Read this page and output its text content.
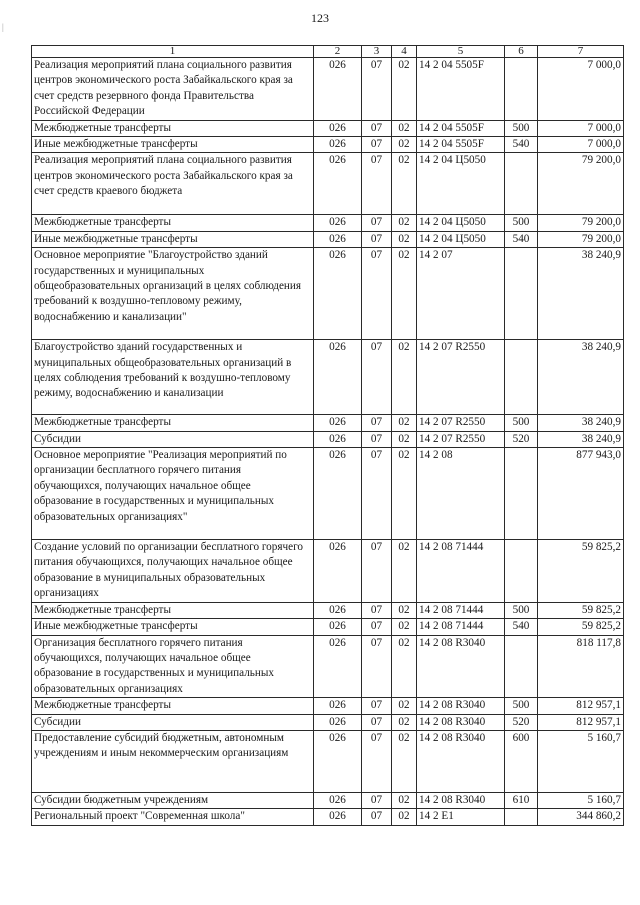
123
|
1	2	3	4	5	6	7
Реализация мероприятий плана социального развития центров экономического роста Забайкальского края за счет средств резервного фонда Правительства Российской Федерации	026	07	02	14 2 04 5505F		7 000,0
Межбюджетные трансферты	026	07	02	14 2 04 5505F	500	7 000,0
Иные межбюджетные трансферты	026	07	02	14 2 04 5505F	540	7 000,0
Реализация мероприятий плана социального развития центров экономического роста Забайкальского края за счет средств краевого бюджета	026	07	02	14 2 04 Ц5050		79 200,0
Межбюджетные трансферты	026	07	02	14 2 04 Ц5050	500	79 200,0
Иные межбюджетные трансферты	026	07	02	14 2 04 Ц5050	540	79 200,0
Основное мероприятие "Благоустройство зданий государственных и муниципальных общеобразовательных организаций в целях соблюдения требований к воздушно-тепловому режиму, водоснабжению и канализации"	026	07	02	14 2 07		38 240,9
Благоустройство зданий государственных и муниципальных общеобразовательных организаций в целях соблюдения требований к воздушно-тепловому режиму, водоснабжению и канализации	026	07	02	14 2 07 R2550		38 240,9
Межбюджетные трансферты	026	07	02	14 2 07 R2550	500	38 240,9
Субсидии	026	07	02	14 2 07 R2550	520	38 240,9
Основное мероприятие "Реализация мероприятий по организации бесплатного горячего питания обучающихся, получающих начальное общее образование в государственных и муниципальных образовательных организациях"	026	07	02	14 2 08		877 943,0
Создание условий по организации бесплатного горячего питания обучающихся, получающих начальное общее образование в муниципальных образовательных организациях	026	07	02	14 2 08 71444		59 825,2
Межбюджетные трансферты	026	07	02	14 2 08 71444	500	59 825,2
Иные межбюджетные трансферты	026	07	02	14 2 08 71444	540	59 825,2
Организация бесплатного горячего питания обучающихся, получающих начальное общее образование в государственных и муниципальных образовательных организациях	026	07	02	14 2 08 R3040		818 117,8
Межбюджетные трансферты	026	07	02	14 2 08 R3040	500	812 957,1
Субсидии	026	07	02	14 2 08 R3040	520	812 957,1
Предоставление субсидий бюджетным, автономным учреждениям и иным некоммерческим организациям	026	07	02	14 2 08 R3040	600	5 160,7
Субсидии бюджетным учреждениям	026	07	02	14 2 08 R3040	610	5 160,7
Региональный проект "Современная школа"	026	07	02	14 2 E1		344 860,2
